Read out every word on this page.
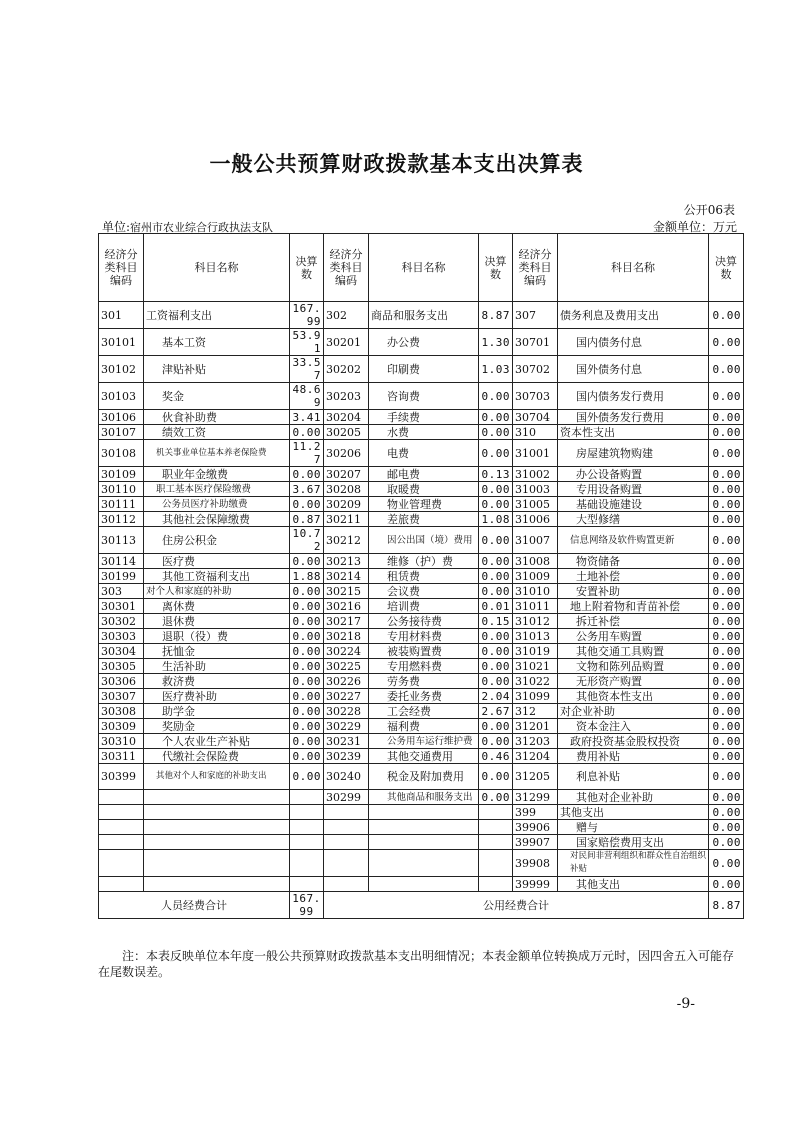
一般公共预算财政拨款基本支出决算表
公开06表
单位:宿州市农业综合行政执法支队	金额单位：万元
经济分类科目编码	科目名称	决算数	经济分类科目编码	科目名称	决算数	经济分类科目编码	科目名称	决算数
301	工资福利支出	167.99	302	商品和服务支出	8.87	307	债务利息及费用支出	0.00
30101	基本工资	53.91	30201	办公费	1.30	30701	国内债务付息	0.00
30102	津贴补贴	33.57	30202	印刷费	1.03	30702	国外债务付息	0.00
30103	奖金	48.69	30203	咨询费	0.00	30703	国内债务发行费用	0.00
30106	伙食补助费	3.41	30204	手续费	0.00	30704	国外债务发行费用	0.00
30107	绩效工资	0.00	30205	水费	0.00	310	资本性支出	0.00
30108	机关事业单位基本养老保险费	11.27	30206	电费	0.00	31001	房屋建筑物购建	0.00
30109	职业年金缴费	0.00	30207	邮电费	0.13	31002	办公设备购置	0.00
30110	职工基本医疗保险缴费	3.67	30208	取暖费	0.00	31003	专用设备购置	0.00
30111	公务员医疗补助缴费	0.00	30209	物业管理费	0.00	31005	基础设施建设	0.00
30112	其他社会保障缴费	0.87	30211	差旅费	1.08	31006	大型修缮	0.00
30113	住房公积金	10.72	30212	因公出国（境）费用	0.00	31007	信息网络及软件购置更新	0.00
30114	医疗费	0.00	30213	维修（护）费	0.00	31008	物资储备	0.00
30199	其他工资福利支出	1.88	30214	租赁费	0.00	31009	土地补偿	0.00
303	对个人和家庭的补助	0.00	30215	会议费	0.00	31010	安置补助	0.00
30301	离休费	0.00	30216	培训费	0.01	31011	地上附着物和青苗补偿	0.00
30302	退休费	0.00	30217	公务接待费	0.15	31012	拆迁补偿	0.00
30303	退职（役）费	0.00	30218	专用材料费	0.00	31013	公务用车购置	0.00
30304	抚恤金	0.00	30224	被装购置费	0.00	31019	其他交通工具购置	0.00
30305	生活补助	0.00	30225	专用燃料费	0.00	31021	文物和陈列品购置	0.00
30306	救济费	0.00	30226	劳务费	0.00	31022	无形资产购置	0.00
30307	医疗费补助	0.00	30227	委托业务费	2.04	31099	其他资本性支出	0.00
30308	助学金	0.00	30228	工会经费	2.67	312	对企业补助	0.00
30309	奖励金	0.00	30229	福利费	0.00	31201	资本金注入	0.00
30310	个人农业生产补贴	0.00	30231	公务用车运行维护费	0.00	31203	政府投资基金股权投资	0.00
30311	代缴社会保险费	0.00	30239	其他交通费用	0.46	31204	费用补贴	0.00
30399	其他对个人和家庭的补助支出	0.00	30240	税金及附加费用	0.00	31205	利息补贴	0.00
			30299	其他商品和服务支出	0.00	31299	其他对企业补助	0.00
						399	其他支出	0.00
						39906	赠与	0.00
						39907	国家赔偿费用支出	0.00
						39908	对民间非营利组织和群众性自治组织补贴	0.00
						39999	其他支出	0.00
人员经费合计		167.99	公用经费合计					8.87
注：本表反映单位本年度一般公共预算财政拨款基本支出明细情况；本表金额单位转换成万元时，因四舍五入可能存在尾数误差。
-9-
